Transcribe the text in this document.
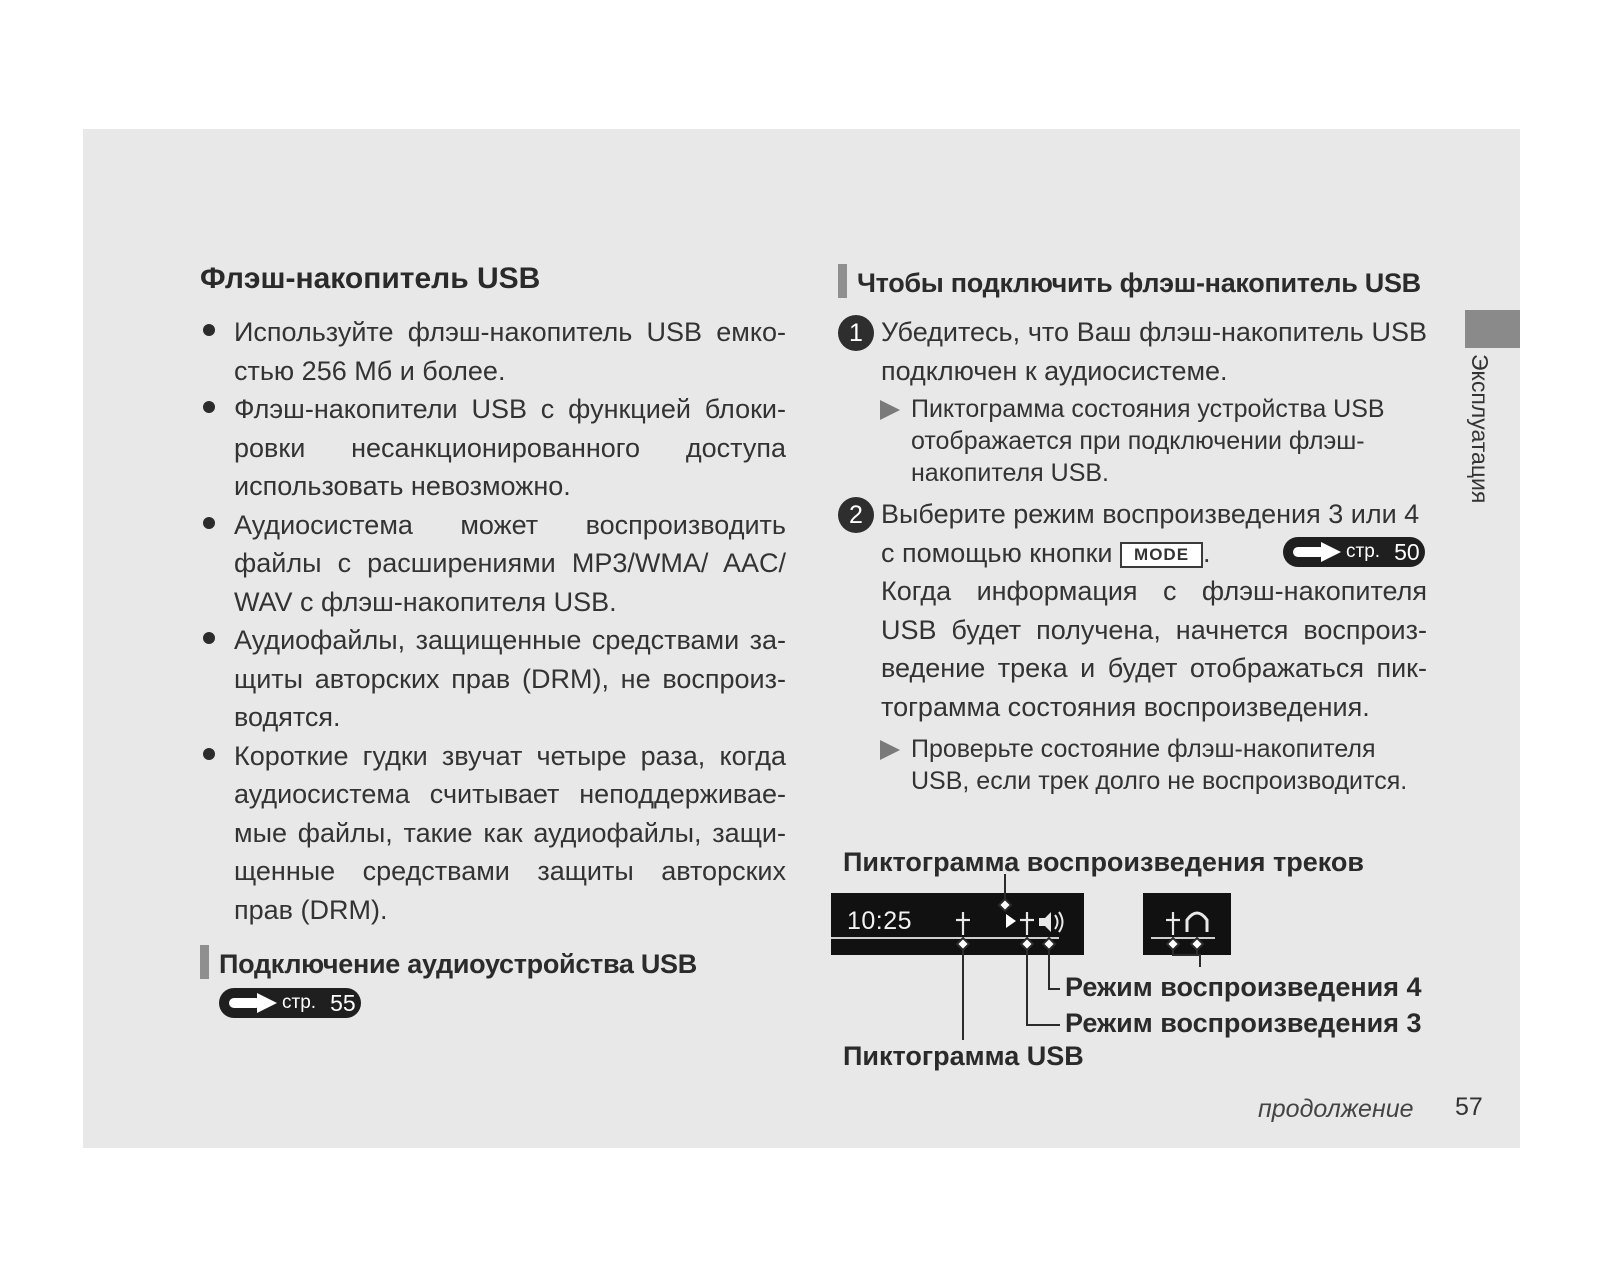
Флэш-накопитель USB
Используйте флэш-накопитель USB емко-стью 256 Мб и более.
Флэш-накопители USB с функцией блоки-ровки несанкционированного доступа использовать невозможно.
Аудиосистема может воспроизводить файлы с расширениями MP3/WMA/ AAC/ WAV с флэш-накопителя USB.
Аудиофайлы, защищенные средствами за-щиты авторских прав (DRM), не воспроиз-водятся.
Короткие гудки звучат четыре раза, когда аудиосистема считывает неподдерживае-мые файлы, такие как аудиофайлы, защи-щенные средствами защиты авторских прав (DRM).
Подключение аудиоустройства USB
стр. 55
Чтобы подключить флэш-накопитель USB
1 Убедитесь, что Ваш флэш-накопитель USB подключен к аудиосистеме.
Пиктограмма состояния устройства USB отображается при подключении флэш-накопителя USB.
2 Выберите режим воспроизведения 3 или 4 с помощью кнопки MODE .	стр. 50
Когда информация с флэш-накопителя USB будет получена, начнется воспроиз-ведение трека и будет отображаться пик-тограмма состояния воспроизведения.
Проверьте состояние флэш-накопителя USB, если трек долго не воспроизводится.
Эксплуатация
Пиктограмма воспроизведения треков
10:25
Режим воспроизведения 4
Режим воспроизведения 3
Пиктограмма USB
продолжение 57
